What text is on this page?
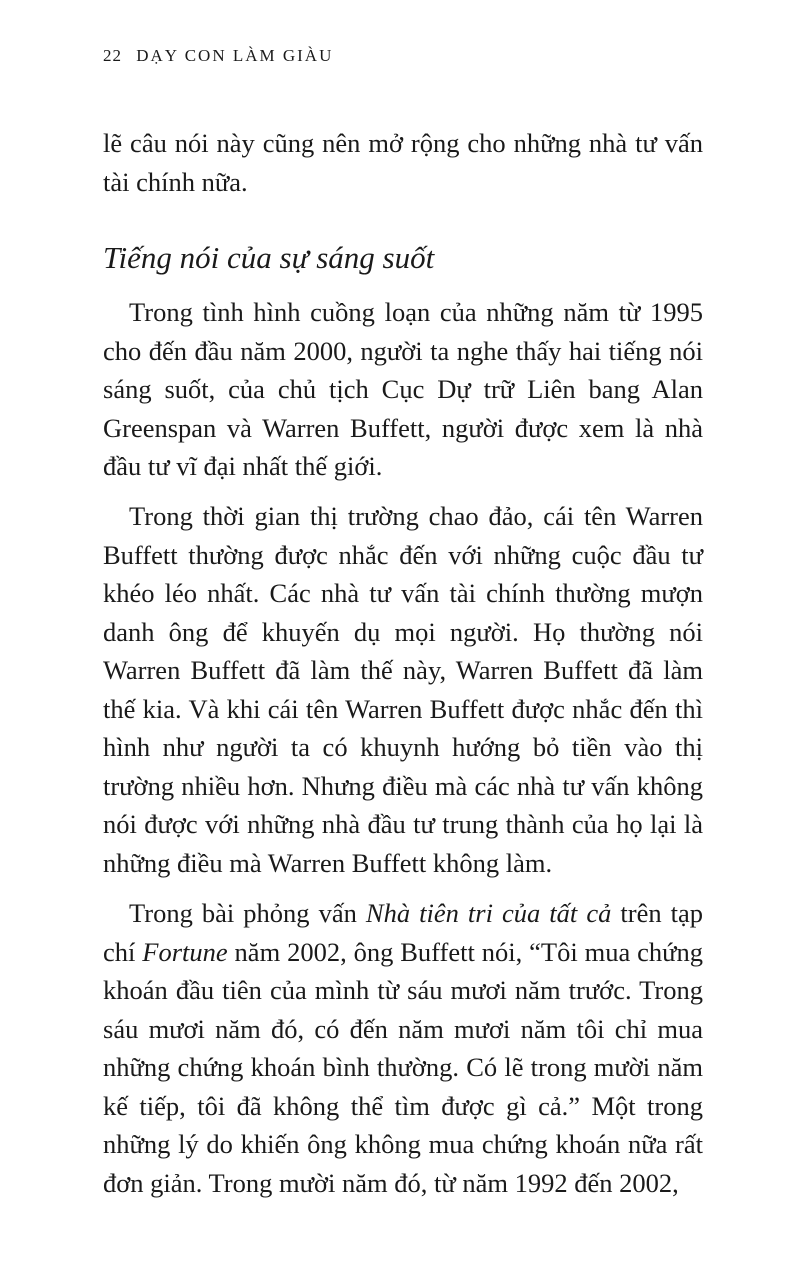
22 DẠY CON LÀM GIÀU

lẽ câu nói này cũng nên mở rộng cho những nhà tư vấn tài chính nữa.

Tiếng nói của sự sáng suốt

Trong tình hình cuồng loạn của những năm từ 1995 cho đến đầu năm 2000, người ta nghe thấy hai tiếng nói sáng suốt, của chủ tịch Cục Dự trữ Liên bang Alan Greenspan và Warren Buffett, người được xem là nhà đầu tư vĩ đại nhất thế giới.

Trong thời gian thị trường chao đảo, cái tên Warren Buffett thường được nhắc đến với những cuộc đầu tư khéo léo nhất. Các nhà tư vấn tài chính thường mượn danh ông để khuyến dụ mọi người. Họ thường nói Warren Buffett đã làm thế này, Warren Buffett đã làm thế kia. Và khi cái tên Warren Buffett được nhắc đến thì hình như người ta có khuynh hướng bỏ tiền vào thị trường nhiều hơn. Nhưng điều mà các nhà tư vấn không nói được với những nhà đầu tư trung thành của họ lại là những điều mà Warren Buffett không làm.

Trong bài phỏng vấn Nhà tiên tri của tất cả trên tạp chí Fortune năm 2002, ông Buffett nói, “Tôi mua chứng khoán đầu tiên của mình từ sáu mươi năm trước. Trong sáu mươi năm đó, có đến năm mươi năm tôi chỉ mua những chứng khoán bình thường. Có lẽ trong mười năm kế tiếp, tôi đã không thể tìm được gì cả.” Một trong những lý do khiến ông không mua chứng khoán nữa rất đơn giản. Trong mười năm đó, từ năm 1992 đến 2002,
